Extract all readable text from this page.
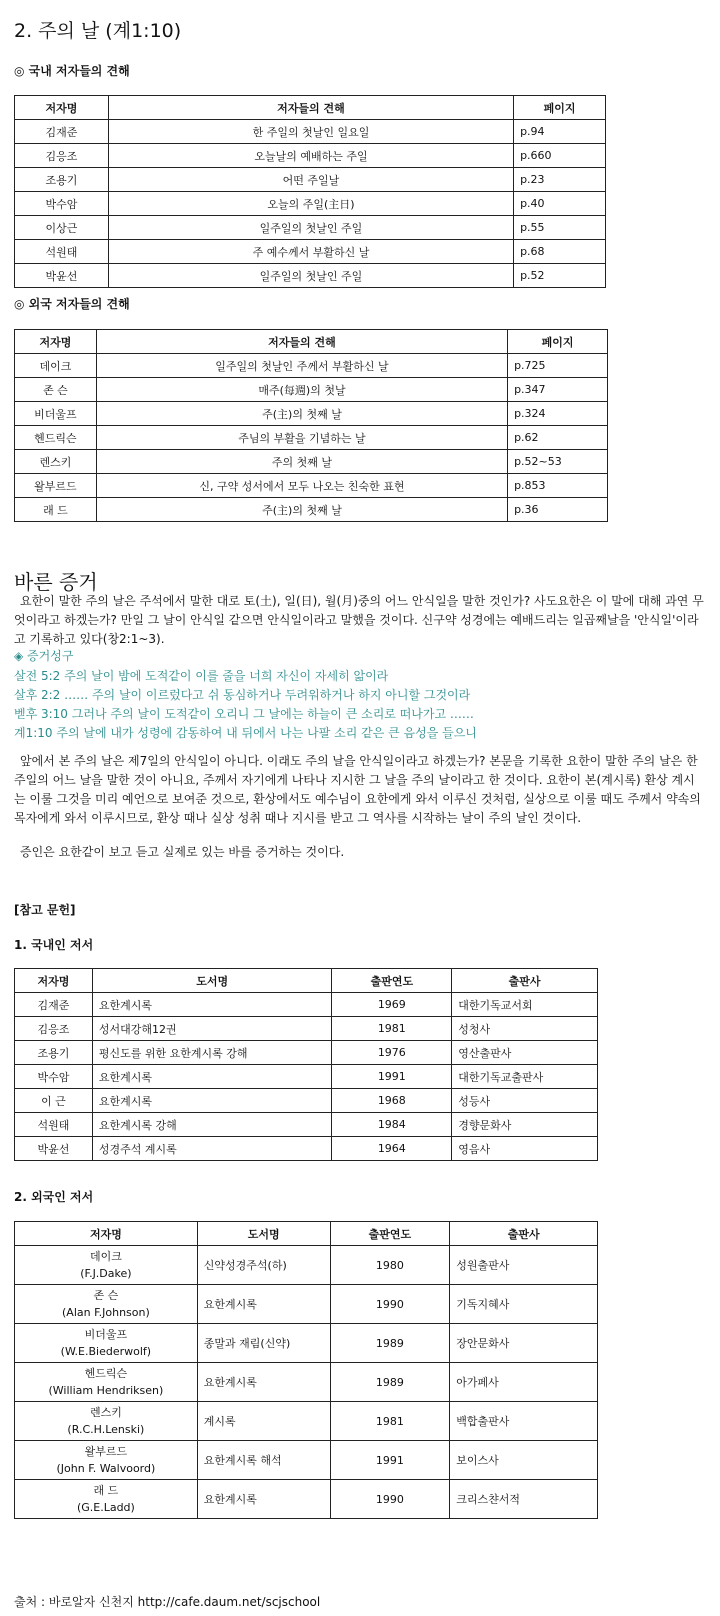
2. 주의 날 (계1:10)
◎ 국내 저자들의 견해
저자명	저자들의 견해	페이지
김재준	한 주일의 첫날인 일요일	p.94
김응조	오늘날의 예배하는 주일	p.660
조용기	어떤 주일날	p.23
박수암	오늘의 주일(主日)	p.40
이상근	일주일의 첫날인 주일	p.55
석원태	주 예수께서 부활하신 날	p.68
박윤선	일주일의 첫날인 주일	p.52
◎ 외국 저자들의 견해
저자명	저자들의 견해	페이지
데이크	일주일의 첫날인 주께서 부활하신 날	p.725
존 슨	매주(每週)의 첫날	p.347
비더울프	주(主)의 첫째 날	p.324
헨드릭슨	주님의 부활을 기념하는 날	p.62
렌스키	주의 첫째 날	p.52~53
왈부르드	신, 구약 성서에서 모두 나오는 친숙한 표현	p.853
래 드	주(主)의 첫째 날	p.36
바른 증거

요한이 말한 주의 날은 주석에서 말한 대로 토(土), 일(日), 월(月)중의 어느 안식일을 말한 것인가? 사도요한은 이 말에 대해 과연 무엇이라고 하겠는가? 만일 그 날이 안식일 같으면 안식일이라고 말했을 것이다. 신구약 성경에는 예배드리는 일곱째날을 '안식일'이라고 기록하고 있다(창2:1~3).

◈ 증거성구
살전 5:2 주의 날이 밤에 도적같이 이를 줄을 너희 자신이 자세히 앎이라
살후 2:2 …… 주의 날이 이르렀다고 쉬 동심하거나 두려워하거나 하지 아니할 그것이라
벧후 3:10 그러나 주의 날이 도적같이 오리니 그 날에는 하늘이 큰 소리로 떠나가고 ……
계1:10 주의 날에 내가 성령에 감동하여 내 뒤에서 나는 나팔 소리 같은 큰 음성을 들으니

앞에서 본 주의 날은 제7일의 안식일이 아니다. 이래도 주의 날을 안식일이라고 하겠는가? 본문을 기록한 요한이 말한 주의 날은 한 주일의 어느 날을 말한 것이 아니요, 주께서 자기에게 나타나 지시한 그 날을 주의 날이라고 한 것이다. 요한이 본(계시록) 환상 계시는 이룰 그것을 미리 예언으로 보여준 것으로, 환상에서도 예수님이 요한에게 와서 이루신 것처럼, 실상으로 이룰 때도 주께서 약속의 목자에게 와서 이루시므로, 환상 때나 실상 성취 때나 지시를 받고 그 역사를 시작하는 날이 주의 날인 것이다.

증인은 요한같이 보고 듣고 실제로 있는 바를 증거하는 것이다.

[참고 문헌]
1. 국내인 저서
저자명	도서명	출판연도	출판사
김재준	요한계시록	1969	대한기독교서회
김응조	성서대강해12권	1981	성청사
조용기	평신도를 위한 요한계시록 강해	1976	영산출판사
박수암	요한계시록	1991	대한기독교출판사
이 근	요한계시록	1968	성등사
석원태	요한계시록 강해	1984	경향문화사
박윤선	성경주석 계시록	1964	영음사
2. 외국인 저서
저자명	도서명	출판연도	출판사

데이크
(F.J.Dake)	신약성경주석(하)	1980	성원출판사

존 슨
(Alan F.Johnson)	요한계시록	1990	기독지혜사

비더울프
(W.E.Biederwolf)	종말과 재림(신약)	1989	장안문화사

헨드릭슨
(William Hendriksen)	요한계시록	1989	아가페사

렌스키
(R.C.H.Lenski)	계시록	1981	백합출판사

왈부르드
(John F. Walvoord)	요한계시록 해석	1991	보이스사

래 드
(G.E.Ladd)	요한계시록	1990	크리스챤서적
출처 : 바로알자 신천지 http://cafe.daum.net/scjschool
